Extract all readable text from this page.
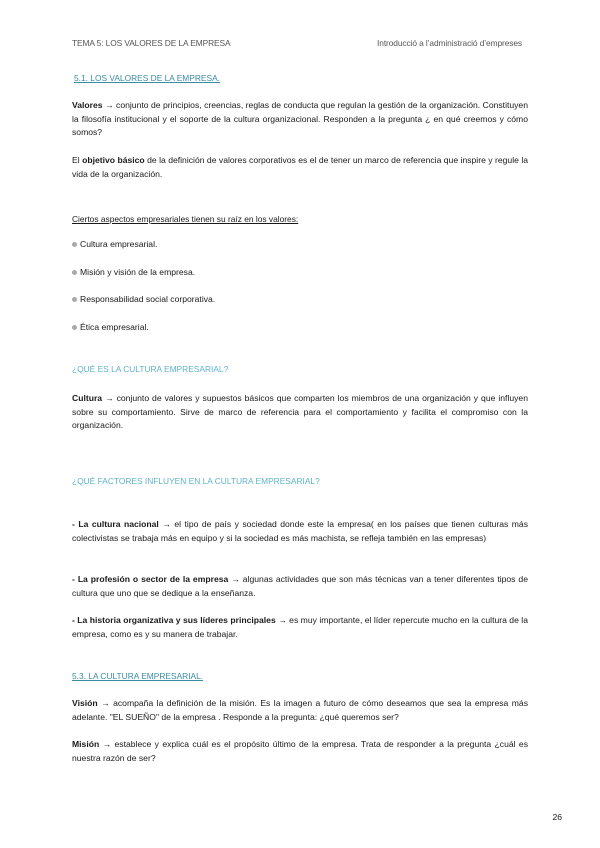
TEMA 5: LOS VALORES DE LA EMPRESA	Introducció a l’administració d’empreses
5.1. LOS VALORES DE LA EMPRESA.

Valores → conjunto de principios, creencias, reglas de conducta que regulan la gestión de la organización. Constituyen la filosofía institucional y el soporte de la cultura organizacional. Responden a la pregunta ¿ en qué creemos y cómo somos?

El objetivo básico de la definición de valores corporativos es el de tener un marco de referencia que inspire y regule la vida de la organización.

Ciertos aspectos empresariales tienen su raíz en los valores:
Cultura empresarial.
Misión y visión de la empresa.
Responsabilidad social corporativa.
Ética empresarial.
¿QUÉ ES LA CULTURA EMPRESARIAL?

Cultura → conjunto de valores y supuestos básicos que comparten los miembros de una organización y que influyen sobre su comportamiento. Sirve de marco de referencia para el comportamiento y facilita el compromiso con la organización.

¿QUÉ FACTORES INFLUYEN EN LA CULTURA EMPRESARIAL?

- La cultura nacional → el tipo de país y sociedad donde este la empresa( en los países que tienen culturas más colectivistas se trabaja más en equipo y si la sociedad es más machista, se refleja también en las empresas)

- La profesión o sector de la empresa → algunas actividades que son más técnicas van a tener diferentes tipos de cultura que uno que se dedique a la enseñanza.

- La historia organizativa y sus líderes principales → es muy importante, el líder repercute mucho en la cultura de la empresa, como es y su manera de trabajar.

5.3. LA CULTURA EMPRESARIAL.

Visión → acompaña la definición de la misión. Es la imagen a futuro de cómo deseamos que sea la empresa más adelante. "EL SUEÑO" de la empresa . Responde a la pregunta: ¿qué queremos ser?

Misión → establece y explica cuál es el propósito último de la empresa. Trata de responder a la pregunta ¿cuál es nuestra razón de ser?

26
